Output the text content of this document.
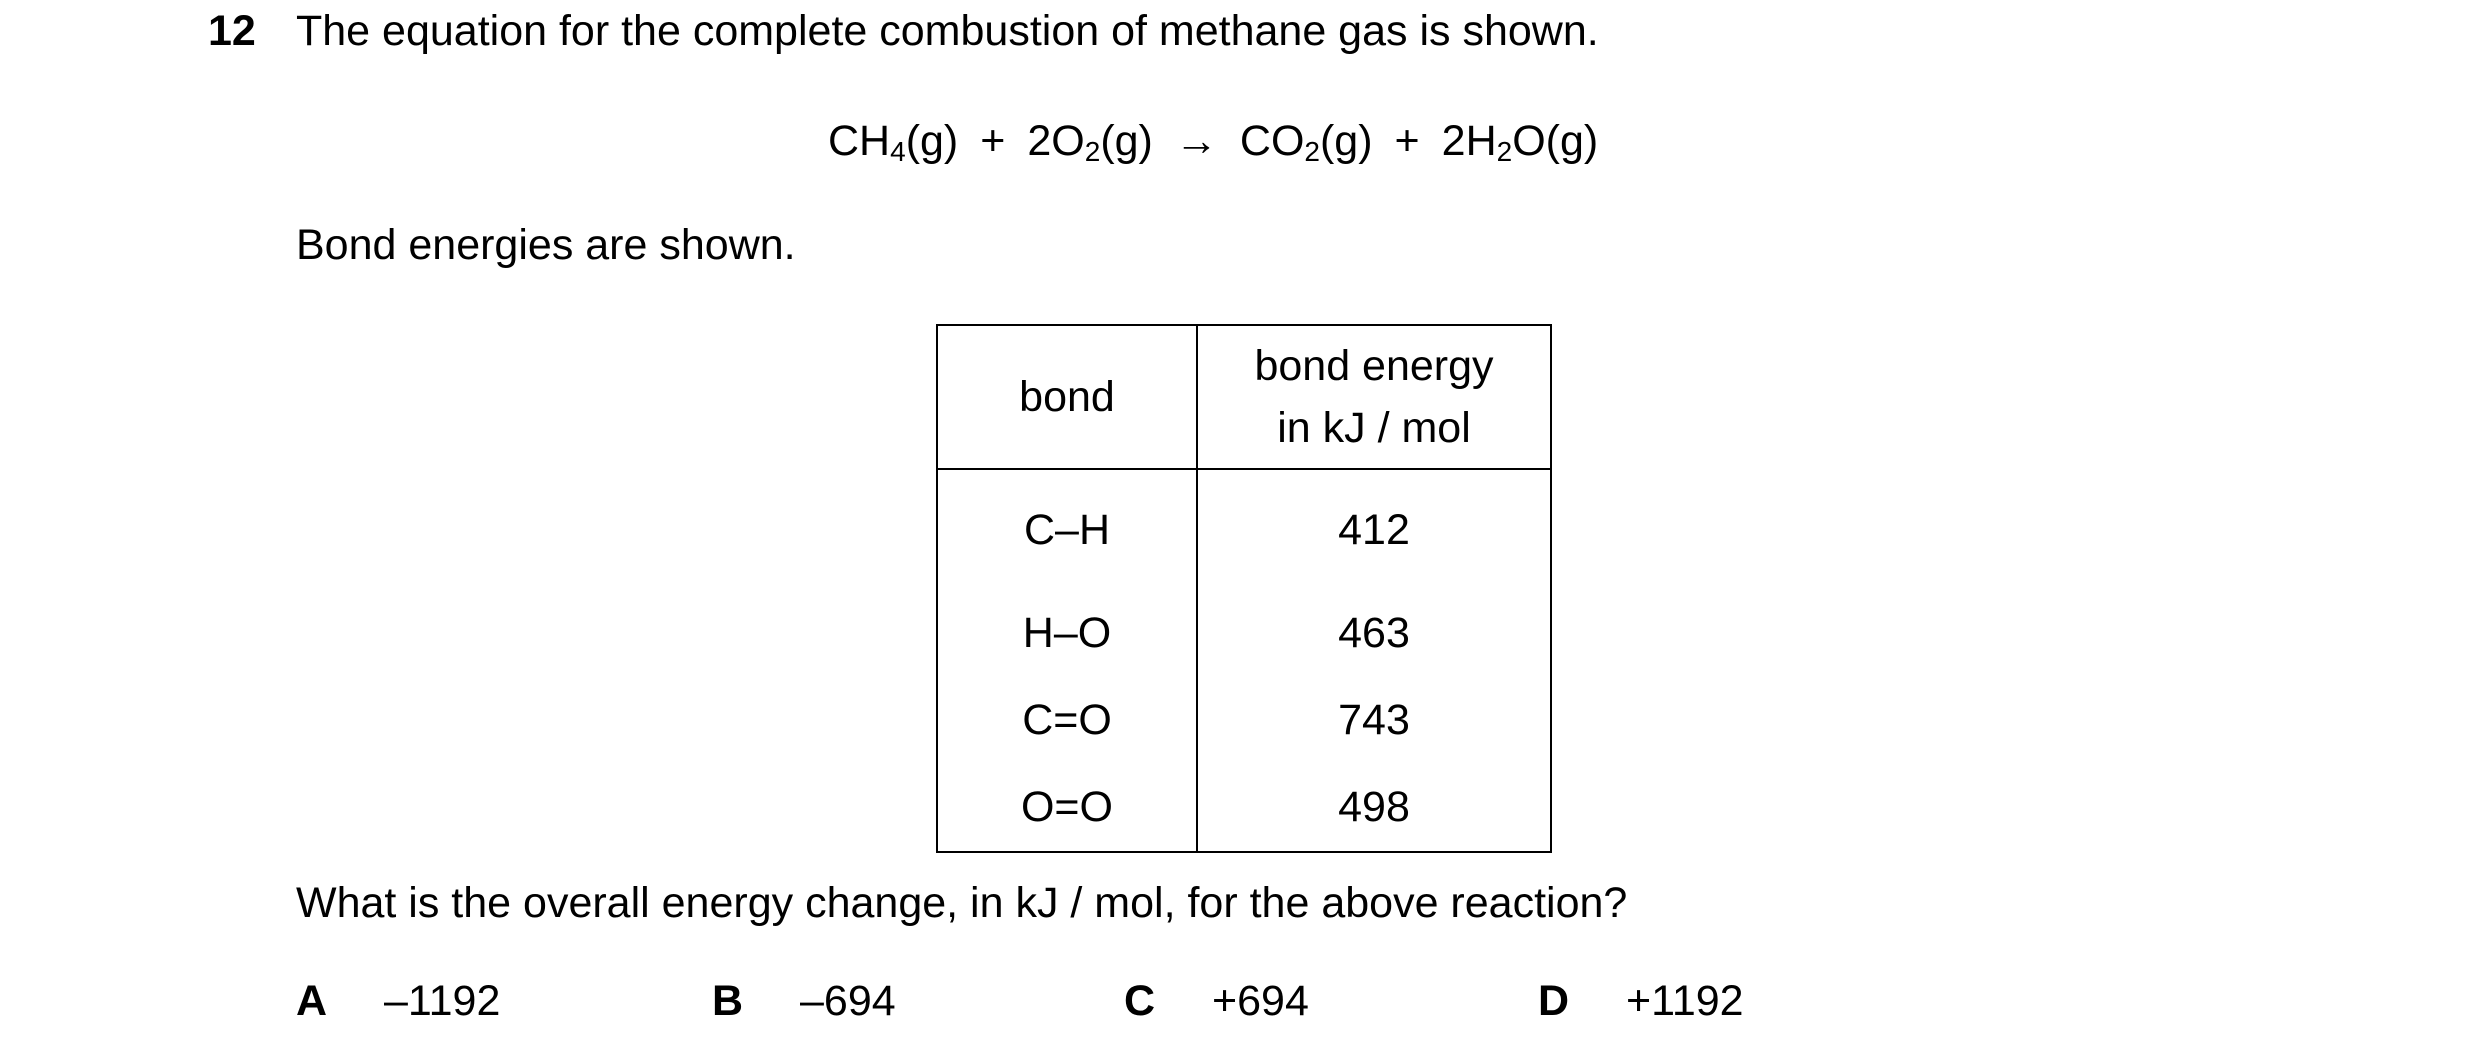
12 The equation for the complete combustion of methane gas is shown.
$CH_4(g) + 2O_2(g) \to CO_2(g) + 2H_2O(g)$
Bond energies are shown.
bond	bond energy
in kJ / mol
C–H	412
H–O	463
C=O	743
O=O	498
What is the overall energy change, in kJ / mol, for the above reaction?
A –1192	B –694	C +694	D +1192
